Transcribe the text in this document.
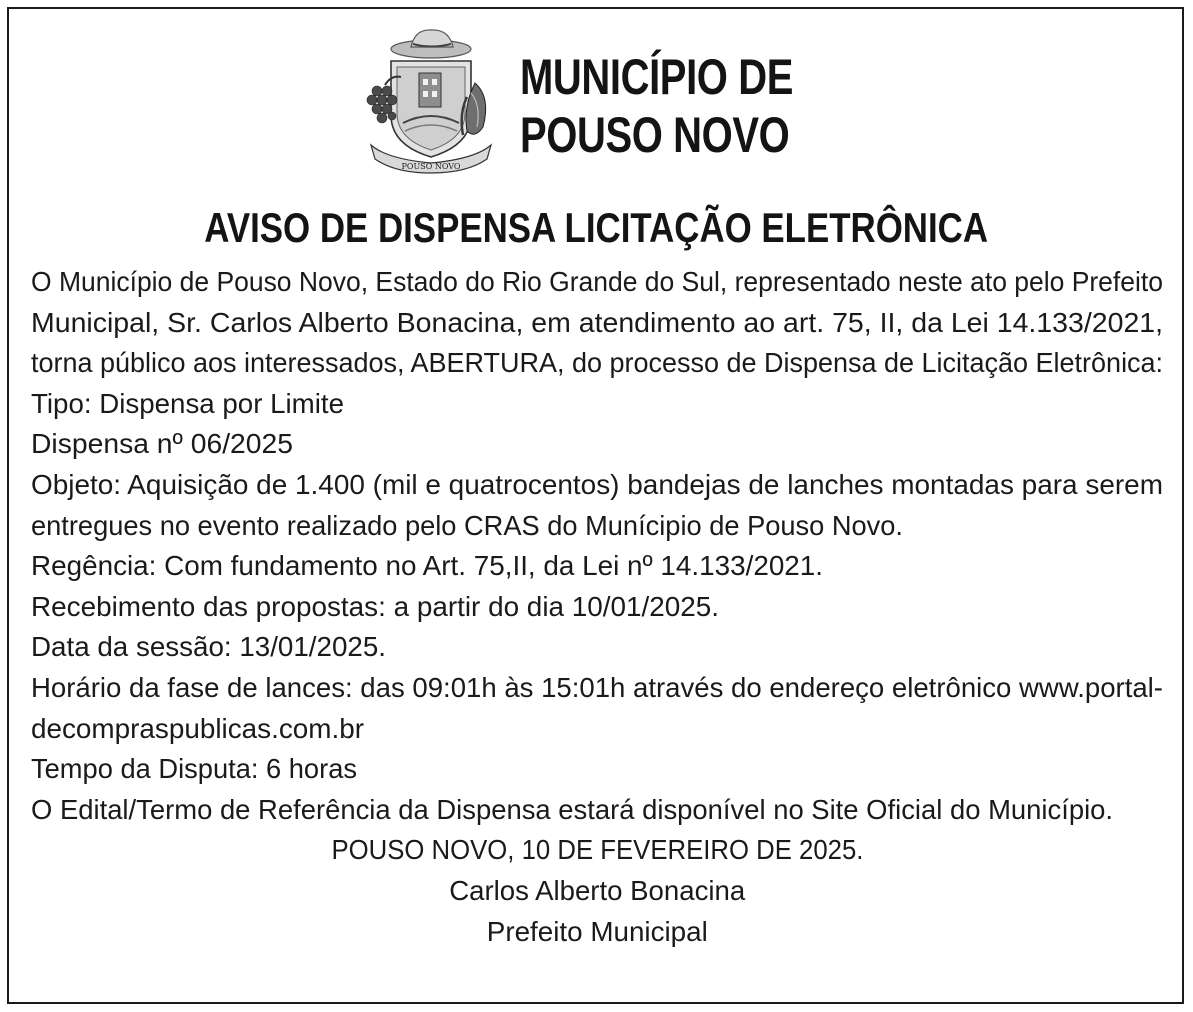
POUSO NOVO
MUNICÍPIO DE
POUSO NOVO
AVISO DE DISPENSA LICITAÇÃO ELETRÔNICA
O Município de Pouso Novo, Estado do Rio Grande do Sul, representado neste ato pelo Prefeito
Municipal, Sr. Carlos Alberto Bonacina, em atendimento ao art. 75, II, da Lei 14.133/2021,
torna público aos interessados, ABERTURA, do processo de Dispensa de Licitação Eletrônica:
Tipo: Dispensa por Limite
Dispensa nº 06/2025
Objeto: Aquisição de 1.400 (mil e quatrocentos) bandejas de lanches montadas para serem
entregues no evento realizado pelo CRAS do Munícipio de Pouso Novo.
Regência: Com fundamento no Art. 75,II, da Lei nº 14.133/2021.
Recebimento das propostas: a partir do dia 10/01/2025.
Data da sessão: 13/01/2025.
Horário da fase de lances: das 09:01h às 15:01h através do endereço eletrônico www.portal-
decompraspublicas.com.br
Tempo da Disputa: 6 horas
O Edital/Termo de Referência da Dispensa estará disponível no Site Oficial do Município.
POUSO NOVO, 10 DE FEVEREIRO DE 2025.
Carlos Alberto Bonacina
Prefeito Municipal
